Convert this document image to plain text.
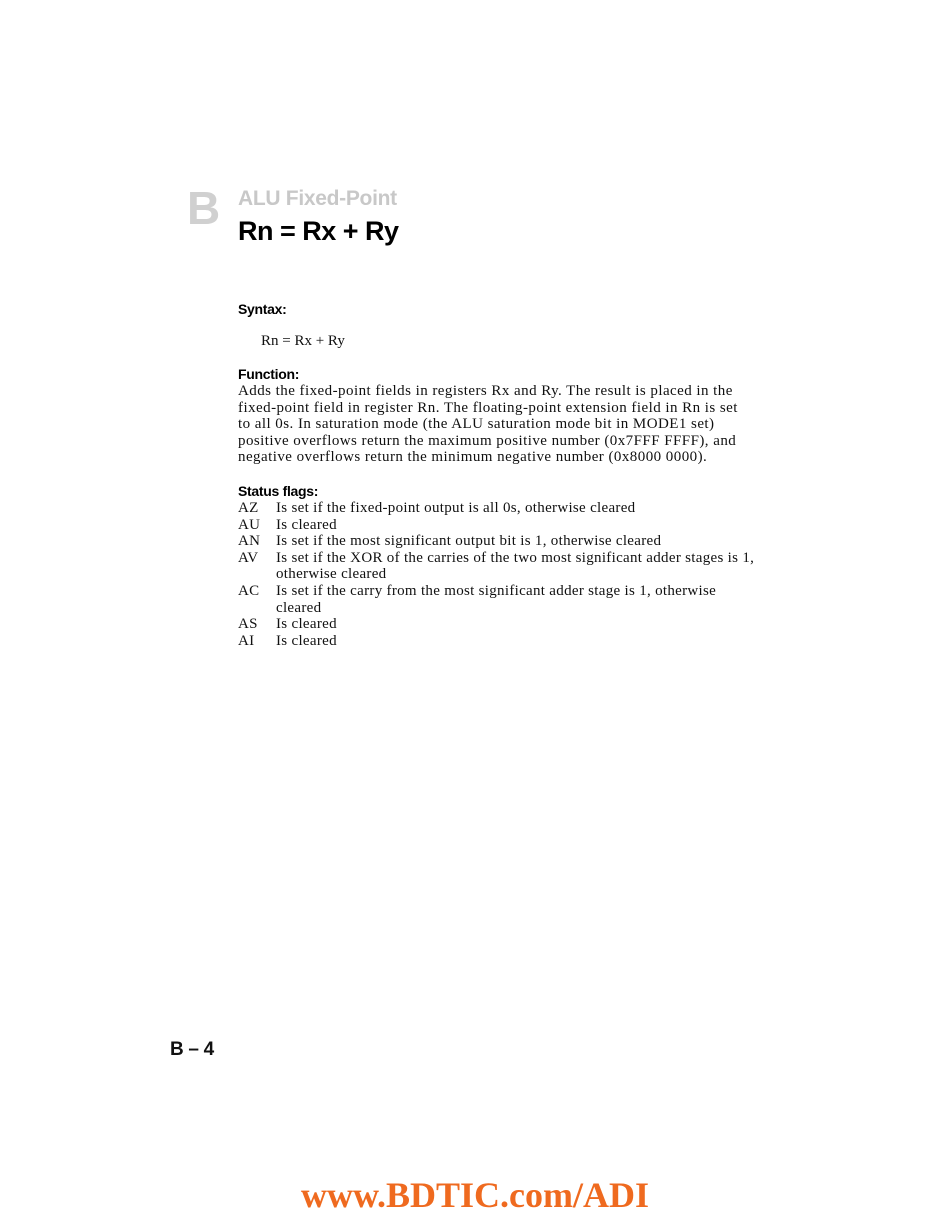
B ALU Fixed-Point
Rn = Rx + Ry
Syntax:
Rn = Rx + Ry
Function:
Adds the fixed-point fields in registers Rx and Ry. The result is placed in the fixed-point field in register Rn. The floating-point extension field in Rn is set to all 0s. In saturation mode (the ALU saturation mode bit in MODE1 set) positive overflows return the maximum positive number (0x7FFF FFFF), and negative overflows return the minimum negative number (0x8000 0000).
Status flags:
AZ	Is set if the fixed-point output is all 0s, otherwise cleared
AU	Is cleared
AN	Is set if the most significant output bit is 1, otherwise cleared
AV	Is set if the XOR of the carries of the two most significant adder stages is 1, otherwise cleared
AC	Is set if the carry from the most significant adder stage is 1, otherwise cleared
AS	Is cleared
AI	Is cleared
B – 4
www.BDTIC.com/ADI
